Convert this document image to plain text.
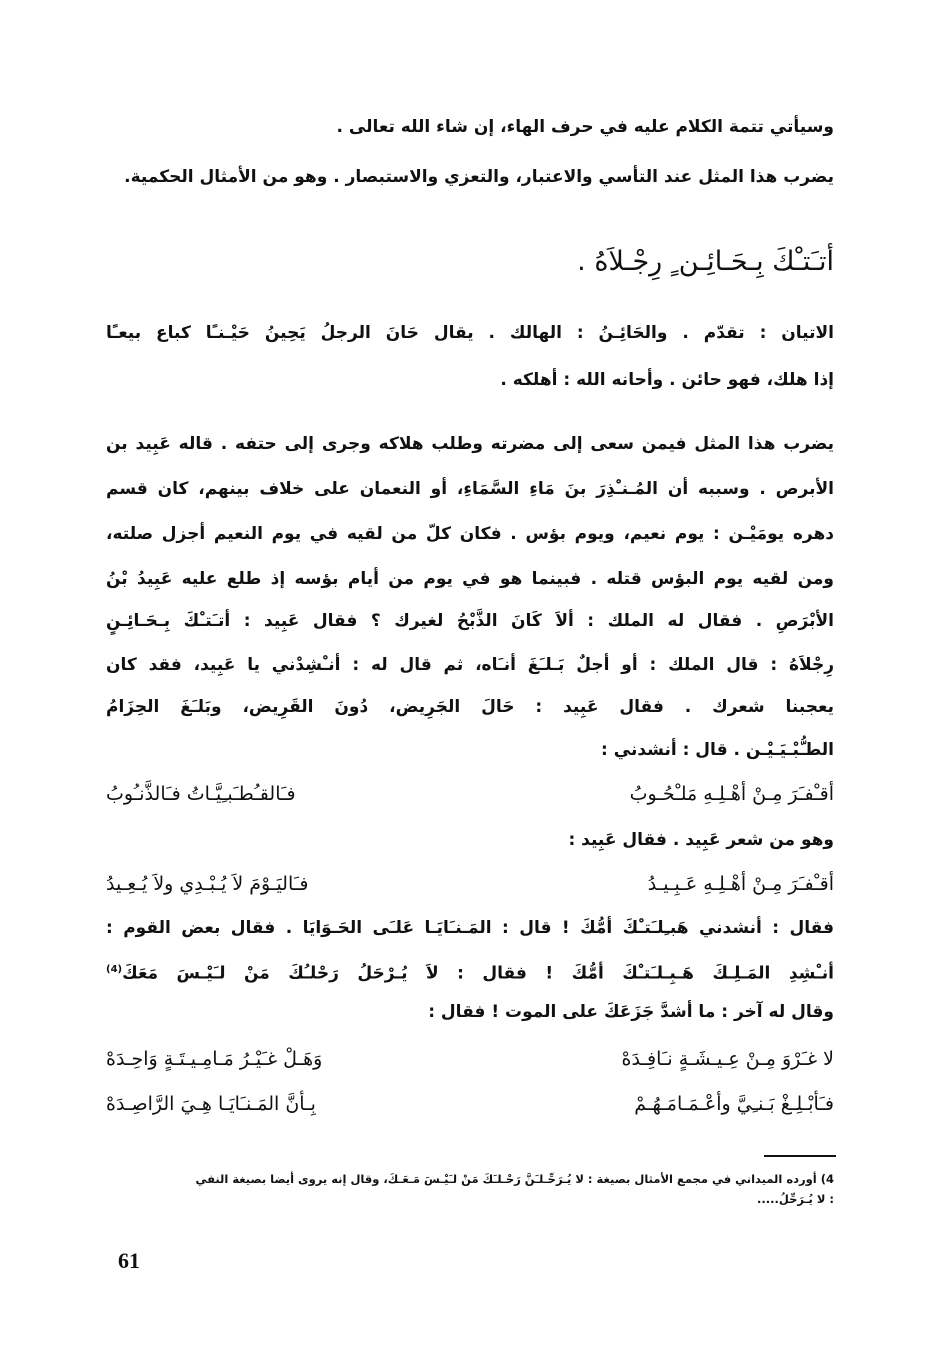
وسيأتي تتمة الكلام عليه في حرف الهاء، إن شاء الله تعالى .
يضرب هذا المثل عند التأسي والاعتبار، والتعزي والاستبصار . وهو من الأمثال الحكمية.
أتـَتـْكَ بِـحَـائِـن ٍ رِجْـلاَهُ .
الاتيان : تقدّم . والحَائِـنُ : الهالك . يقال حَانَ الرجلُ يَحِينُ حَيْـنـًا كباع بيعـًا
إذا هلك، فهو حائن . وأحانه الله : أهلكه .
يضرب هذا المثل فيمن سعى إلى مضرته وطلب هلاكه وجرى إلى حتفه . قاله عَبِيد بن
الأبرص . وسببه أن المُـنـْذِرَ بنَ مَاءِ السَّمَاءِ، أو النعمان على خلاف بينهم، كان قسم
دهره يومَيْـن : يوم نعيم، ويوم بؤس . فكان كلّ من لقيه في يوم النعيم أجزل صلته،
ومن لقيه يوم البؤس قتله . فبينما هو في يوم من أيام بؤسه إذ طلع عليه عَبِيدُ بْنُ
الأبْرَصِ . فقال له الملك : ألاَ كَانَ الذَّبْحُ لغيرك ؟ فقال عَبِيد : أتـَتـْكَ بِـحَـائِـنٍ
رِجْلاَهُ : قال الملك : أو أجلٌ بَـلـَغَ أنـَاه، ثم قال له : أنـْشِدْني يا عَبِيد، فقد كان
يعجبنا شعرك . فقال عَبِيد : حَالَ الجَرِيض، دُونَ القَرِيض، وبَلـَغَ الحِزَامُ
الطـُّبْـيَـيْـن . قال : أنشدني :
أقـْفـَرَ مِـنْ أهْـلِـهِ مَلـْحُـوبُ
فـَالقـُطـَبـِيَّـاتُ فـَالذَّنـُوبُ
وهو من شعر عَبِيد . فقال عَبِيد :
أقـْفـَرَ مِـنْ أهْـلِـهِ عَـبِـيـدُ
فـَاليَـوْمَ لاَ يُـبْـدِي ولاَ يُـعِـيدُ
فقال : أنشدني هَبـِلـَتـْكَ أمُّكَ ! قال : المَـنـَايَـا عَلـَى الحَـوَايَا . فقال بعض القوم :
أنـْشِدِ المَـلِـكَ هَـبِـلـَتـْكَ أمُّكَ ! فقال : لاَ يُـرْحَلُ رَحْلـُكَ مَنْ لـَيْـسَ مَعَكَ$^{(4)}$
وقال له آخر : ما أشدَّ جَزَعَكَ على الموت ! فقال :
لا غـَرْوَ مِـنْ عِـيـشَـةٍ نـَافِـدَهْ
وَهَـلْ غـَيْـرُ مَـامِـيـتَـةٍ وَاحِـدَهْ
فـَأبْـلِـغْ بَـنـِيَّ وأعْـمَـامَـهُـمْ
بِـأنَّ المَـنـَايَـا هِـيَ الرَّاصِـدَهْ
4) أورده الميداني في مجمع الأمثال بصيغة : لا يُـرَحِّـلـَنَّ رَحْـلـَكَ مَنْ لـَيْـسَ مَـعَـكَ، وقال إنه يروى أيضا بصيغة النفي
: لا يُـرَحِّلُ.....
61
